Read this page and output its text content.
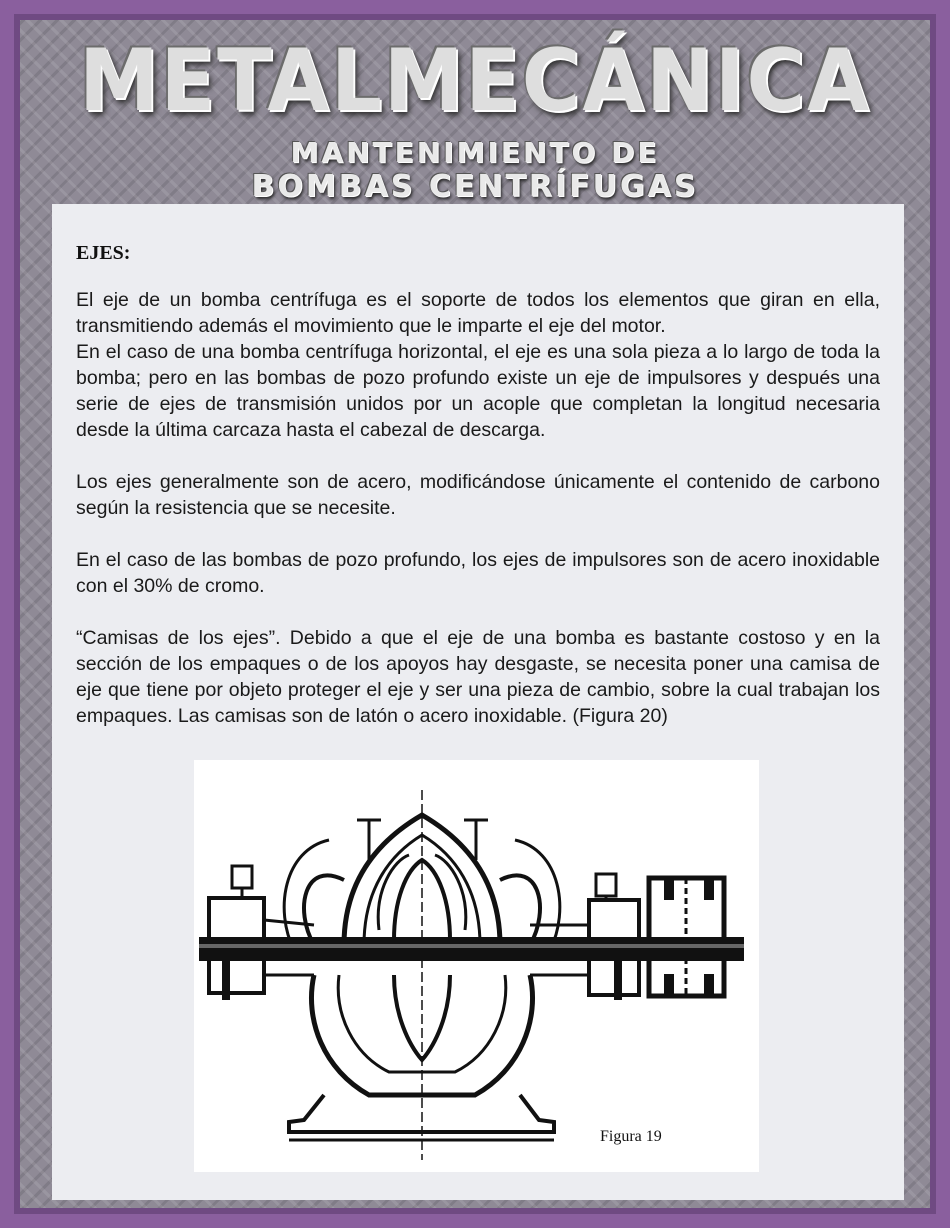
METALMECÁNICA
MANTENIMIENTO DE
BOMBAS CENTRÍFUGAS
EJES:

El eje de un bomba centrífuga es el soporte de todos los elementos que giran en ella, transmitiendo además el movimiento que le imparte el eje del motor.

En el caso de una bomba centrífuga horizontal, el eje es una sola pieza a lo largo de toda la bomba; pero en las bombas de pozo profundo existe un eje de impulsores y después una serie de ejes de transmisión unidos por un acople que completan la longitud necesaria desde la última carcaza hasta el cabezal de descarga.

Los ejes generalmente son de acero, modificándose únicamente el contenido de carbono según la resistencia que se necesite.

En el caso de las bombas de pozo profundo, los ejes de impulsores son de acero inoxidable con el 30% de cromo.

“Camisas de los ejes”. Debido a que el eje de una bomba es bastante costoso y en la sección de los empaques o de los apoyos hay desgaste, se necesita poner una camisa de eje que tiene por objeto proteger el eje y ser una pieza de cambio, sobre la cual trabajan los empaques. Las camisas son de latón o acero inoxidable. (Figura 20)

Figura 19
